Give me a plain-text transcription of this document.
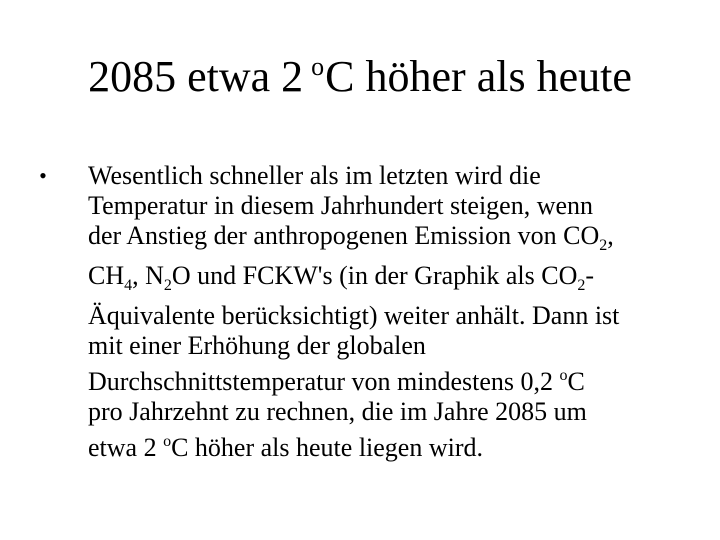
2085 etwa 2 $^o$C höher als heute
•	Wesentlich schneller als im letzten wird die
Temperatur in diesem Jahrhundert steigen, wenn
der Anstieg der anthropogenen Emission von $CO_2$,
$CH_4$, $N_2O$ und FCKW's (in der Graphik als $CO_2-$
Äquivalente berücksichtigt) weiter anhält. Dann ist
mit einer Erhöhung der globalen
Durchschnittstemperatur von mindestens 0,2 $^o$C
pro Jahrzehnt zu rechnen, die im Jahre 2085 um
etwa 2 $^o$C höher als heute liegen wird.
